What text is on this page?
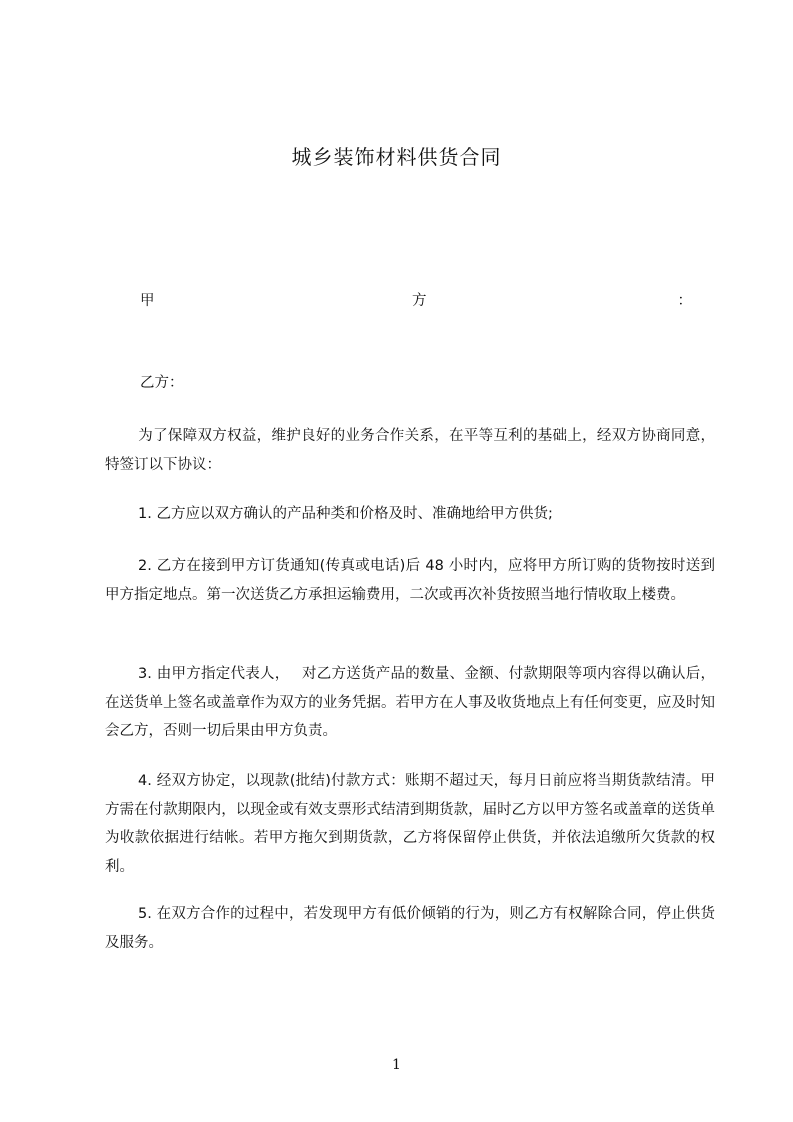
城乡装饰材料供货合同
甲	方	：
乙方：

为了保障双方权益，维护良好的业务合作关系，在平等互利的基础上，经双方协商同意，特签订以下协议：

1. 乙方应以双方确认的产品种类和价格及时、准确地给甲方供货;

2. 乙方在接到甲方订货通知(传真或电话)后 48 小时内，应将甲方所订购的货物按时送到甲方指定地点。第一次送货乙方承担运输费用，二次或再次补货按照当地行情收取上楼费。

3. 由甲方指定代表人，　 对乙方送货产品的数量、金额、付款期限等项内容得以确认后，在送货单上签名或盖章作为双方的业务凭据。若甲方在人事及收货地点上有任何变更，应及时知会乙方，否则一切后果由甲方负责。

4. 经双方协定，以现款(批结)付款方式：账期不超过天，每月日前应将当期货款结清。甲方需在付款期限内，以现金或有效支票形式结清到期货款，届时乙方以甲方签名或盖章的送货单为收款依据进行结帐。若甲方拖欠到期货款，乙方将保留停止供货，并依法追缴所欠货款的权利。

5. 在双方合作的过程中，若发现甲方有低价倾销的行为，则乙方有权解除合同，停止供货及服务。

1
